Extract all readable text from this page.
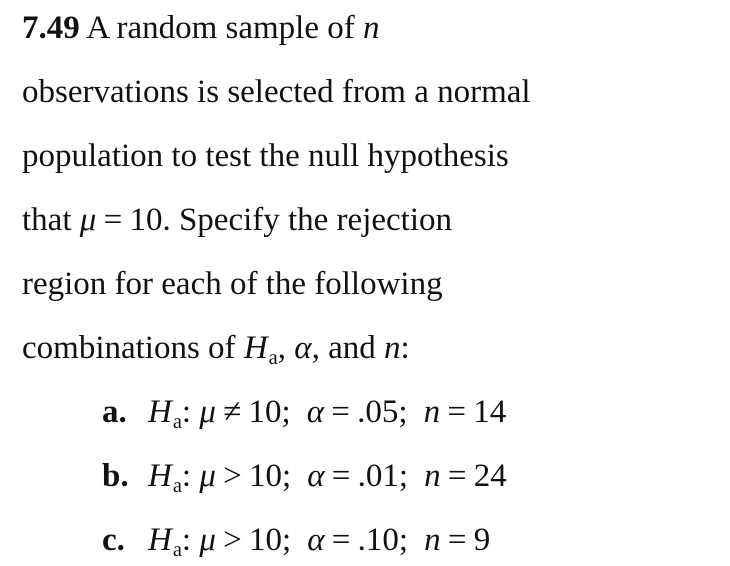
7.49 A random sample of n
observations is selected from a normal
population to test the null hypothesis
that μ = 10. Specify the rejection
region for each of the following
combinations of Ha, α, and n:
a. Ha: μ ≠ 10; α = .05; n = 14
b. Ha: μ > 10; α = .01; n = 24
c. Ha: μ > 10; α = .10; n = 9
